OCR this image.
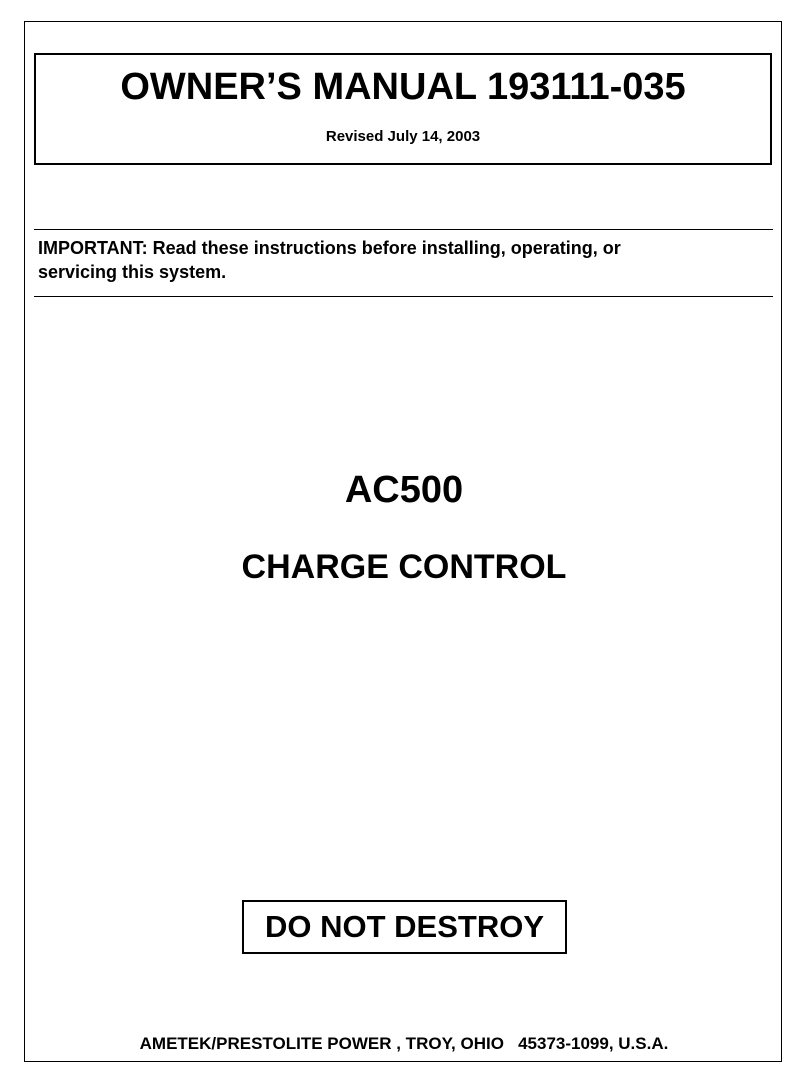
OWNER’S MANUAL 193111-035
Revised July 14, 2003
IMPORTANT: Read these instructions before installing, operating, or
servicing this system.
AC500
CHARGE CONTROL
DO NOT DESTROY
AMETEK/PRESTOLITE POWER , TROY, OHIO   45373-1099, U.S.A.
